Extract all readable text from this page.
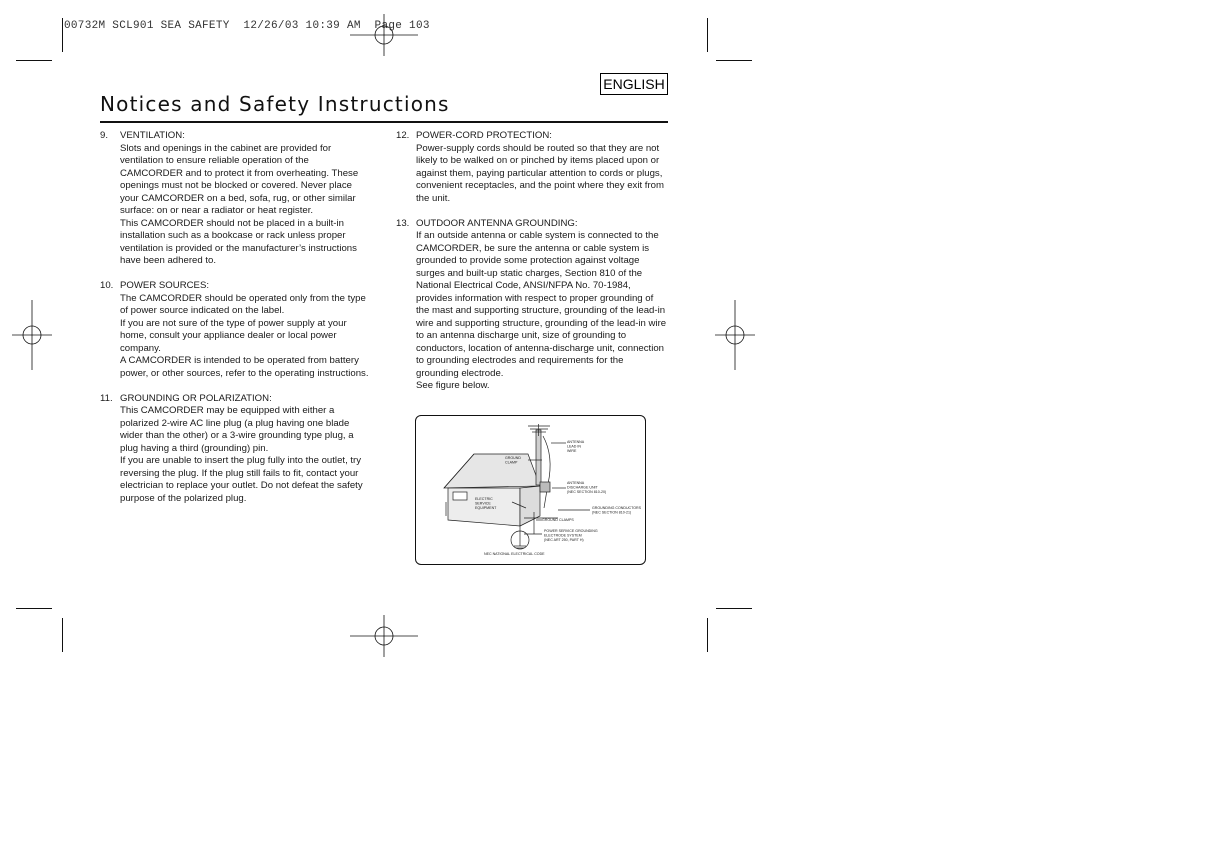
00732M SCL901 SEA SAFETY  12/26/03 10:39 AM  Page 103
ENGLISH
Notices and Safety Instructions
9.	VENTILATION:

Slots and openings in the cabinet are provided for ventilation to ensure reliable operation of the CAMCORDER and to protect it from overheating. These openings must not be blocked or covered. Never place your CAMCORDER on a bed, sofa, rug, or other similar surface: on or near a radiator or heat register.

This CAMCORDER should not be placed in a built-in installation such as a bookcase or rack unless proper ventilation is provided or the manufacturer’s instructions have been adhered to.

10. POWER SOURCES:

The CAMCORDER should be operated only from the type of power source indicated on the label.

If you are not sure of the type of power supply at your home, consult your appliance dealer or local power company.

A CAMCORDER is intended to be operated from battery power, or other sources, refer to the operating instructions.

11. GROUNDING OR POLARIZATION:

This CAMCORDER may be equipped with either a polarized 2-wire AC line plug (a plug having one blade wider than the other) or a 3-wire grounding type plug, a plug having a third (grounding) pin.

If you are unable to insert the plug fully into the outlet, try reversing the plug. If the plug still fails to fit, contact your electrician to replace your outlet. Do not defeat the safety purpose of the polarized plug.

12. POWER-CORD PROTECTION:

Power-supply cords should be routed so that they are not likely to be walked on or pinched by items placed upon or against them, paying particular attention to cords or plugs, convenient receptacles, and the point where they exit from the unit.

13. OUTDOOR ANTENNA GROUNDING:

If an outside antenna or cable system is connected to the CAMCORDER, be sure the antenna or cable system is grounded to provide some protection against voltage surges and built-up static charges, Section 810 of the National Electrical Code, ANSI/NFPA No. 70-1984, provides information with respect to proper grounding of the mast and supporting structure, grounding of the lead-in wire and supporting structure, grounding of the lead-in wire to an antenna discharge unit, size of grounding to conductors, location of antenna-discharge unit, connection to grounding electrodes and requirements for the grounding electrode.

See figure below.

ANTENNA
LEAD IN
WIRE
GROUND
CLAMP
ANTENNA
DISCHARGE UNIT
(NEC SECTION 810-20)
ELECTRIC
SERVICE
EQUIPMENT	GROUNDING CONDUCTORS
(NEC SECTION 810-21)
GROUND CLAMPS
POWER SERVICE GROUNDING
ELECTRODE SYSTEM
(NEC ART 250, PART H)
NEC NATIONAL ELECTRICAL CODE
